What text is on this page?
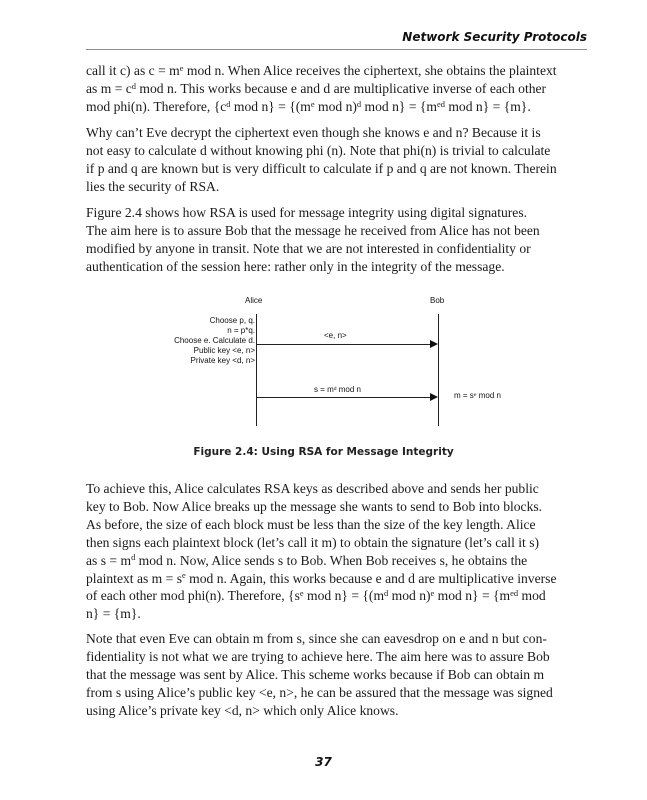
Network Security Protocols
call it c) as $c = m^e$ mod n. When Alice receives the ciphertext, she obtains the plaintext
as $m = c^d$ mod n. This works because e and d are multiplicative inverse of each other
mod phi(n). Therefore, {$c^d$ mod $n\} = \{(m^e$ mod n)$^d$ mod $n\} = \{m^{ed}$ mod n} = {m}.
Why can’t Eve decrypt the ciphertext even though she knows e and n? Because it is
not easy to calculate d without knowing phi (n). Note that phi(n) is trivial to calculate
if p and q are known but is very difficult to calculate if p and q are not known. Therein
lies the security of RSA.
Figure 2.4 shows how RSA is used for message integrity using digital signatures.
The aim here is to assure Bob that the message he received from Alice has not been
modified by anyone in transit. Note that we are not interested in confidentiality or
authentication of the session here: rather only in the integrity of the message.
Alice	Bob
Choose p, q.
n = p*q.
Choose e. Calculate d.
Public key <e, n>
Private key <d, n>
<e, n>
$s = m^d$ mod n
$m = s^e$ mod n
Figure 2.4: Using RSA for Message Integrity
To achieve this, Alice calculates RSA keys as described above and sends her public
key to Bob. Now Alice breaks up the message she wants to send to Bob into blocks.
As before, the size of each block must be less than the size of the key length. Alice
then signs each plaintext block (let’s call it m) to obtain the signature (let’s call it s)
as $s = m^d$ mod n. Now, Alice sends s to Bob. When Bob receives s, he obtains the
plaintext as $m = s^e$ mod n. Again, this works because e and d are multiplicative inverse
of each other mod phi(n). Therefore, {$s^e$ mod $n\} = \{(m^d$ mod n)$^e$ mod $n\} = \{m^{ed}$ mod
n} = {m}.
Note that even Eve can obtain m from s, since she can eavesdrop on e and n but con-
fidentiality is not what we are trying to achieve here. The aim here was to assure Bob
that the message was sent by Alice. This scheme works because if Bob can obtain m
from s using Alice’s public key <e, n>, he can be assured that the message was signed
using Alice’s private key <d, n> which only Alice knows.
37
